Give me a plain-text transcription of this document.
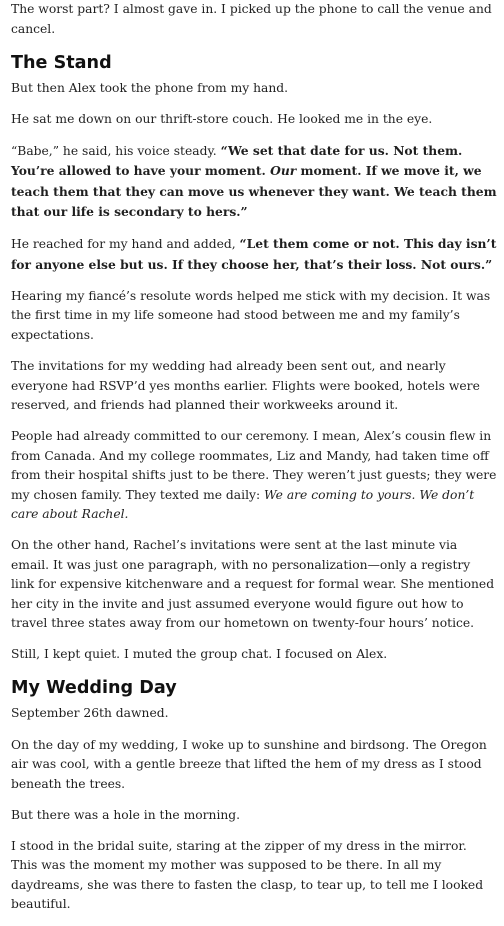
The worst part? I almost gave in. I picked up the phone to call the venue and cancel.

The Stand

But then Alex took the phone from my hand.

He sat me down on our thrift-store couch. He looked me in the eye.

“Babe,” he said, his voice steady. “We set that date for us. Not them. You’re allowed to have your moment. Our moment. If we move it, we teach them that they can move us whenever they want. We teach them that our life is secondary to hers.”

He reached for my hand and added, “Let them come or not. This day isn’t for anyone else but us. If they choose her, that’s their loss. Not ours.”

Hearing my fiancé’s resolute words helped me stick with my decision. It was the first time in my life someone had stood between me and my family’s expectations.

The invitations for my wedding had already been sent out, and nearly everyone had RSVP’d yes months earlier. Flights were booked, hotels were reserved, and friends had planned their workweeks around it.

People had already committed to our ceremony. I mean, Alex’s cousin flew in from Canada. And my college roommates, Liz and Mandy, had taken time off from their hospital shifts just to be there. They weren’t just guests; they were my chosen family. They texted me daily: We are coming to yours. We don’t care about Rachel.

On the other hand, Rachel’s invitations were sent at the last minute via email. It was just one paragraph, with no personalization—only a registry link for expensive kitchenware and a request for formal wear. She mentioned her city in the invite and just assumed everyone would figure out how to travel three states away from our hometown on twenty-four hours’ notice.

Still, I kept quiet. I muted the group chat. I focused on Alex.

My Wedding Day

September 26th dawned.

On the day of my wedding, I woke up to sunshine and birdsong. The Oregon air was cool, with a gentle breeze that lifted the hem of my dress as I stood beneath the trees.

But there was a hole in the morning.

I stood in the bridal suite, staring at the zipper of my dress in the mirror. This was the moment my mother was supposed to be there. In all my daydreams, she was there to fasten the clasp, to tear up, to tell me I looked beautiful.
